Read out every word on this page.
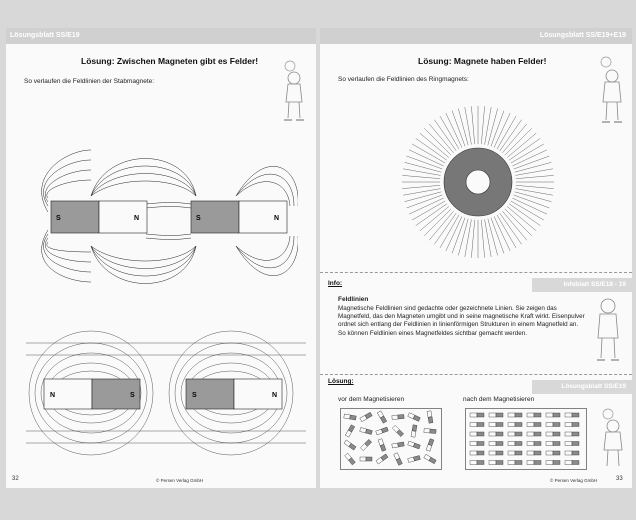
Lösungsblatt SS/E19
Lösung: Zwischen Magneten gibt es Felder!
So verlaufen die Feldlinien der Stabmagnete:
S	N	S	N
N	S	S	N
32	© Persen Verlag GmbH
Lösungsblatt SS/E19+E19
Lösung: Magnete haben Felder!
So verlaufen die Feldlinien des Ringmagnets:
Infoblatt SS/E18 - 19
Info:
Feldlinien
Magnetische Feldlinien sind gedachte oder gezeichnete Linien. Sie zeigen das Magnetfeld, das den Magneten umgibt und in seine magnetische Kraft wirkt. Eisenpulver ordnet sich entlang der Feldlinien in linienförmigen Strukturen in einem Magnetfeld an. So können Feldlinien eines Magnetfeldes sichtbar gemacht werden.
Lösungsblatt SS/E19
Lösung:
vor dem Magnetisieren	nach dem Magnetisieren
33
© Persen Verlag GmbH
